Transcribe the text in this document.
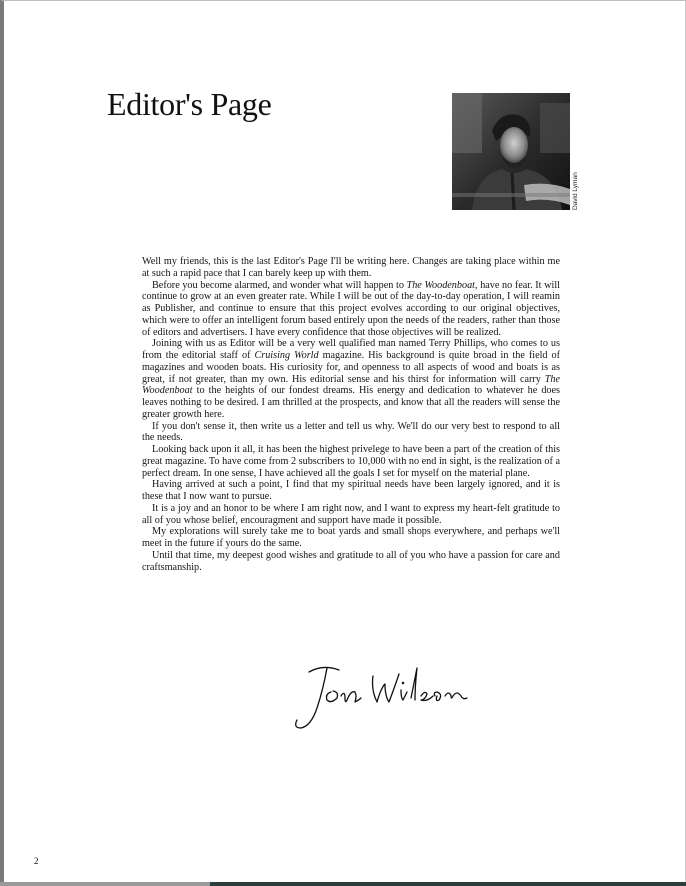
Editor's Page
David Lyman

Well my friends, this is the last Editor's Page I'll be writing here. Changes are taking place within me at such a rapid pace that I can barely keep up with them.

Before you become alarmed, and wonder what will happen to The Woodenboat, have no fear. It will continue to grow at an even greater rate. While I will be out of the day-to-day operation, I will reamin as Publisher, and continue to ensure that this project evolves according to our original objectives, which were to offer an intelligent forum based entirely upon the needs of the readers, rather than those of editors and advertisers. I have every confidence that those objectives will be realized.

Joining with us as Editor will be a very well qualified man named Terry Phillips, who comes to us from the editorial staff of Cruising World magazine. His background is quite broad in the field of magazines and wooden boats. His curiosity for, and openness to all aspects of wood and boats is as great, if not greater, than my own. His editorial sense and his thirst for information will carry The Woodenboat to the heights of our fondest dreams. His energy and dedication to whatever he does leaves nothing to be desired. I am thrilled at the prospects, and know that all the readers will sense the greater growth here.

If you don't sense it, then write us a letter and tell us why. We'll do our very best to respond to all the needs.

Looking back upon it all, it has been the highest privelege to have been a part of the creation of this great magazine. To have come from 2 subscribers to 10,000 with no end in sight, is the realization of a perfect dream. In one sense, I have achieved all the goals I set for myself on the material plane.

Having arrived at such a point, I find that my spiritual needs have been largely ignored, and it is these that I now want to pursue.

It is a joy and an honor to be where I am right now, and I want to express my heart-felt gratitude to all of you whose belief, encouragment and support have made it possible.

My explorations will surely take me to boat yards and small shops everywhere, and perhaps we'll meet in the future if yours do the same.

Until that time, my deepest good wishes and gratitude to all of you who have a passion for care and craftsmanship.

2
